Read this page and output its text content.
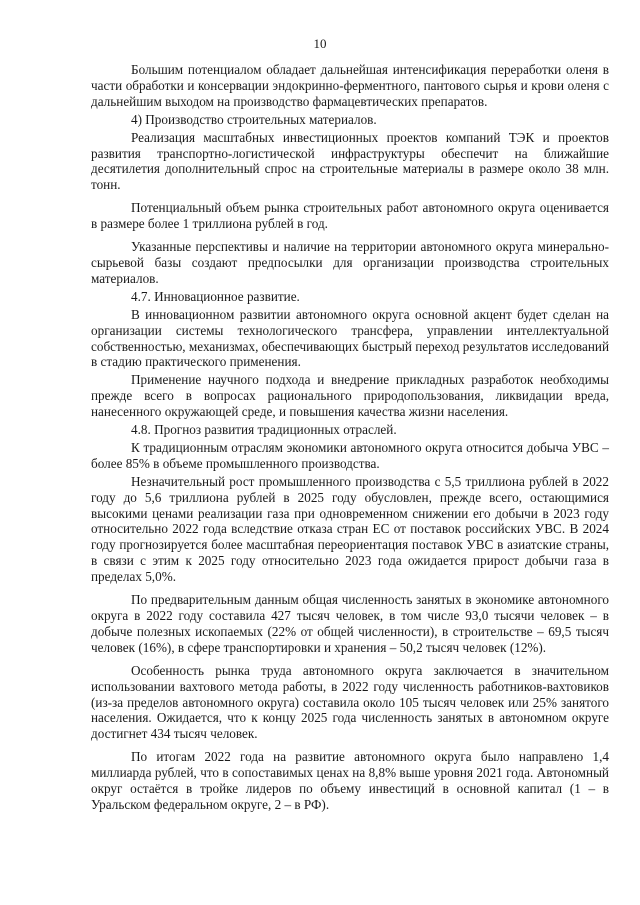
10

Большим потенциалом обладает дальнейшая интенсификация переработки оленя в части обработки и консервации эндокринно-ферментного, пантового сырья и крови оленя с дальнейшим выходом на производство фармацевтических препаратов.

4) Производство строительных материалов.

Реализация масштабных инвестиционных проектов компаний ТЭК и проектов развития транспортно-логистической инфраструктуры обеспечит на ближайшие десятилетия дополнительный спрос на строительные материалы в размере около 38 млн. тонн.

Потенциальный объем рынка строительных работ автономного округа оценивается в размере более 1 триллиона рублей в год.

Указанные перспективы и наличие на территории автономного округа минерально-сырьевой базы создают предпосылки для организации производства строительных материалов.

4.7. Инновационное развитие.

В инновационном развитии автономного округа основной акцент будет сделан на организации системы технологического трансфера, управлении интеллектуальной собственностью, механизмах, обеспечивающих быстрый переход результатов исследований в стадию практического применения.

Применение научного подхода и внедрение прикладных разработок необходимы прежде всего в вопросах рационального природопользования, ликвидации вреда, нанесенного окружающей среде, и повышения качества жизни населения.

4.8. Прогноз развития традиционных отраслей.

К традиционным отраслям экономики автономного округа относится добыча УВС – более 85% в объеме промышленного производства.

Незначительный рост промышленного производства с 5,5 триллиона рублей в 2022 году до 5,6 триллиона рублей в 2025 году обусловлен, прежде всего, остающимися высокими ценами реализации газа при одновременном снижении его добычи в 2023 году относительно 2022 года вследствие отказа стран ЕС от поставок российских УВС. В 2024 году прогнозируется более масштабная переориентация поставок УВС в азиатские страны, в связи с этим к 2025 году относительно 2023 года ожидается прирост добычи газа в пределах 5,0%.

По предварительным данным общая численность занятых в экономике автономного округа в 2022 году составила 427 тысяч человек, в том числе 93,0 тысячи человек – в добыче полезных ископаемых (22% от общей численности), в строительстве – 69,5 тысяч человек (16%), в сфере транспортировки и хранения – 50,2 тысяч человек (12%).

Особенность рынка труда автономного округа заключается в значительном использовании вахтового метода работы, в 2022 году численность работников-вахтовиков (из-за пределов автономного округа) составила около 105 тысяч человек или 25% занятого населения. Ожидается, что к концу 2025 года численность занятых в автономном округе достигнет 434 тысяч человек.

По итогам 2022 года на развитие автономного округа было направлено 1,4 миллиарда рублей, что в сопоставимых ценах на 8,8% выше уровня 2021 года. Автономный округ остаётся в тройке лидеров по объему инвестиций в основной капитал (1 – в Уральском федеральном округе, 2 – в РФ).
